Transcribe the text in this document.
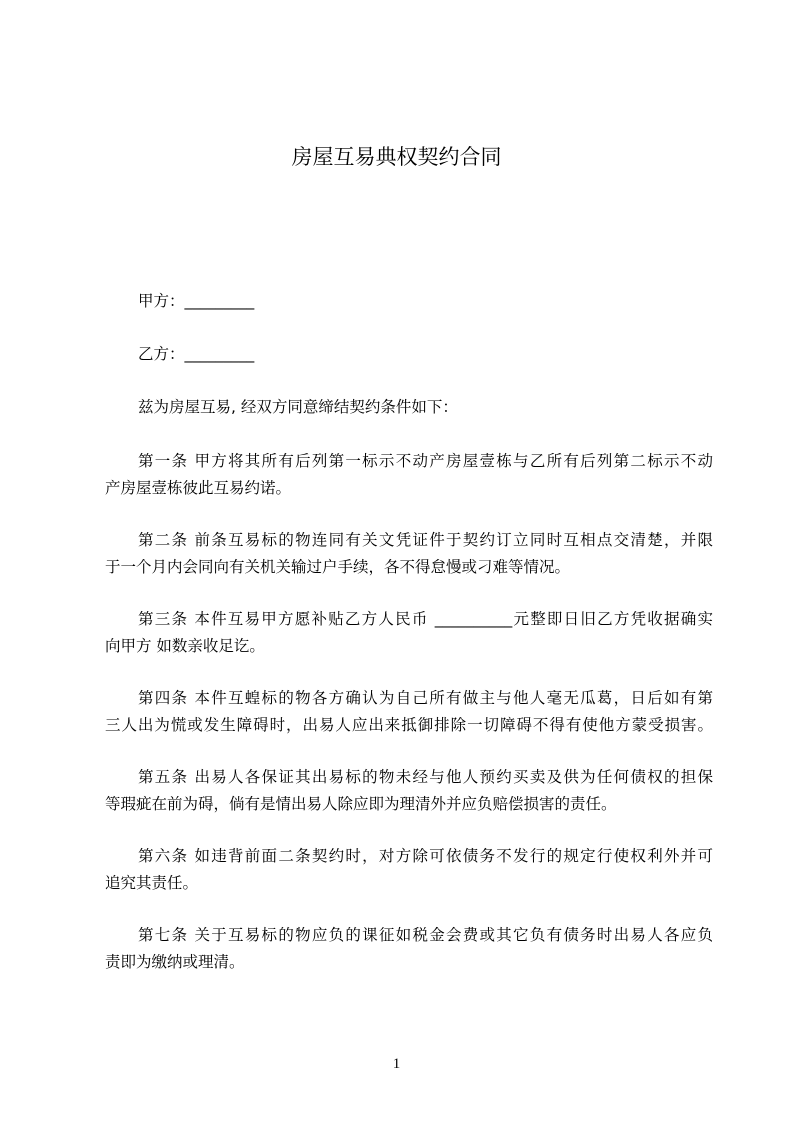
房屋互易典权契约合同
甲方：_________
乙方：_________
兹为房屋互易, 经双方同意缔结契约条件如下：
第一条 甲方将其所有后列第一标示不动产房屋壹栋与乙所有后列第二标示不动
产房屋壹栋彼此互易约诺。
第二条 前条互易标的物连同有关文凭证件于契约订立同时互相点交清楚，并限
于一个月内会同向有关机关输过户手续，各不得怠慢或刁难等情况。
第三条 本件互易甲方愿补贴乙方人民币 __________元整即日旧乙方凭收据确实
向甲方 如数亲收足讫。
第四条 本件互蝗标的物各方确认为自己所有做主与他人毫无瓜葛，日后如有第
三人出为慌或发生障碍时，出易人应出来抵御排除一切障碍不得有使他方蒙受损害。
第五条 出易人各保证其出易标的物未经与他人预约买卖及供为任何债权的担保
等瑕疵在前为碍，倘有是情出易人除应即为理清外并应负赔偿损害的责任。
第六条 如违背前面二条契约时，对方除可依债务不发行的规定行使权利外并可
追究其责任。
第七条 关于互易标的物应负的课征如税金会费或其它负有债务时出易人各应负
责即为缴纳或理清。
1
